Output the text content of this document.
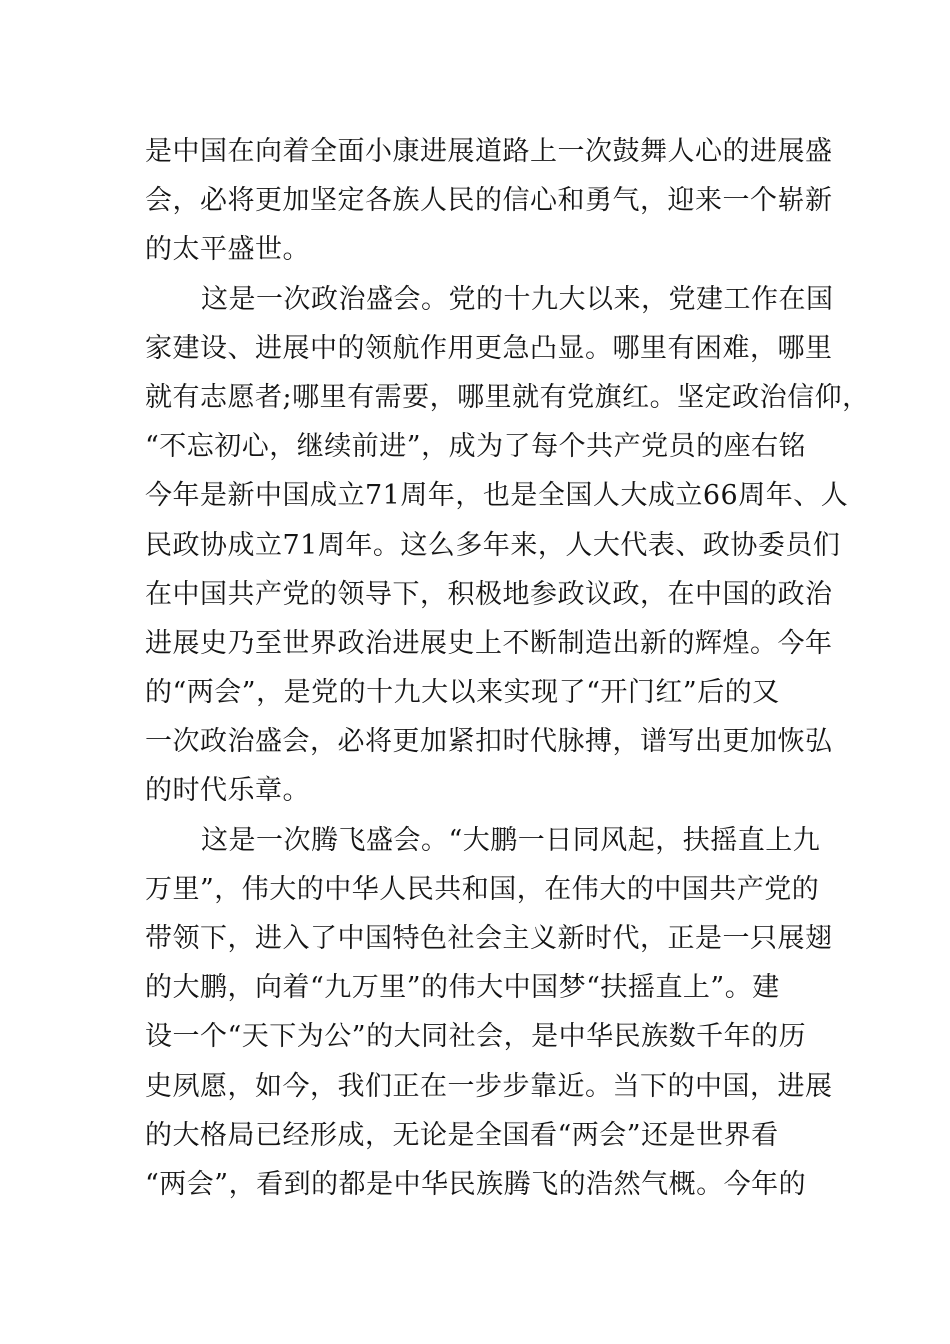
是中国在向着全面小康进展道路上一次鼓舞人心的进展盛
会，必将更加坚定各族人民的信心和勇气，迎来一个崭新
的太平盛世。
这是一次政治盛会。党的十九大以来，党建工作在国
家建设、进展中的领航作用更急凸显。哪里有困难，哪里
就有志愿者;哪里有需要，哪里就有党旗红。坚定政治信仰，
“不忘初心，继续前进”，成为了每个共产党员的座右铭
今年是新中国成立71周年，也是全国人大成立66周年、人
民政协成立71周年。这么多年来，人大代表、政协委员们
在中国共产党的领导下，积极地参政议政，在中国的政治
进展史乃至世界政治进展史上不断制造出新的辉煌。今年
的“两会”，是党的十九大以来实现了“开门红”后的又
一次政治盛会，必将更加紧扣时代脉搏，谱写出更加恢弘
的时代乐章。
这是一次腾飞盛会。“大鹏一日同风起，扶摇直上九
万里”，伟大的中华人民共和国，在伟大的中国共产党的
带领下，进入了中国特色社会主义新时代，正是一只展翅
的大鹏，向着“九万里”的伟大中国梦“扶摇直上”。建
设一个“天下为公”的大同社会，是中华民族数千年的历
史夙愿，如今，我们正在一步步靠近。当下的中国，进展
的大格局已经形成，无论是全国看“两会”还是世界看
“两会”，看到的都是中华民族腾飞的浩然气概。今年的
